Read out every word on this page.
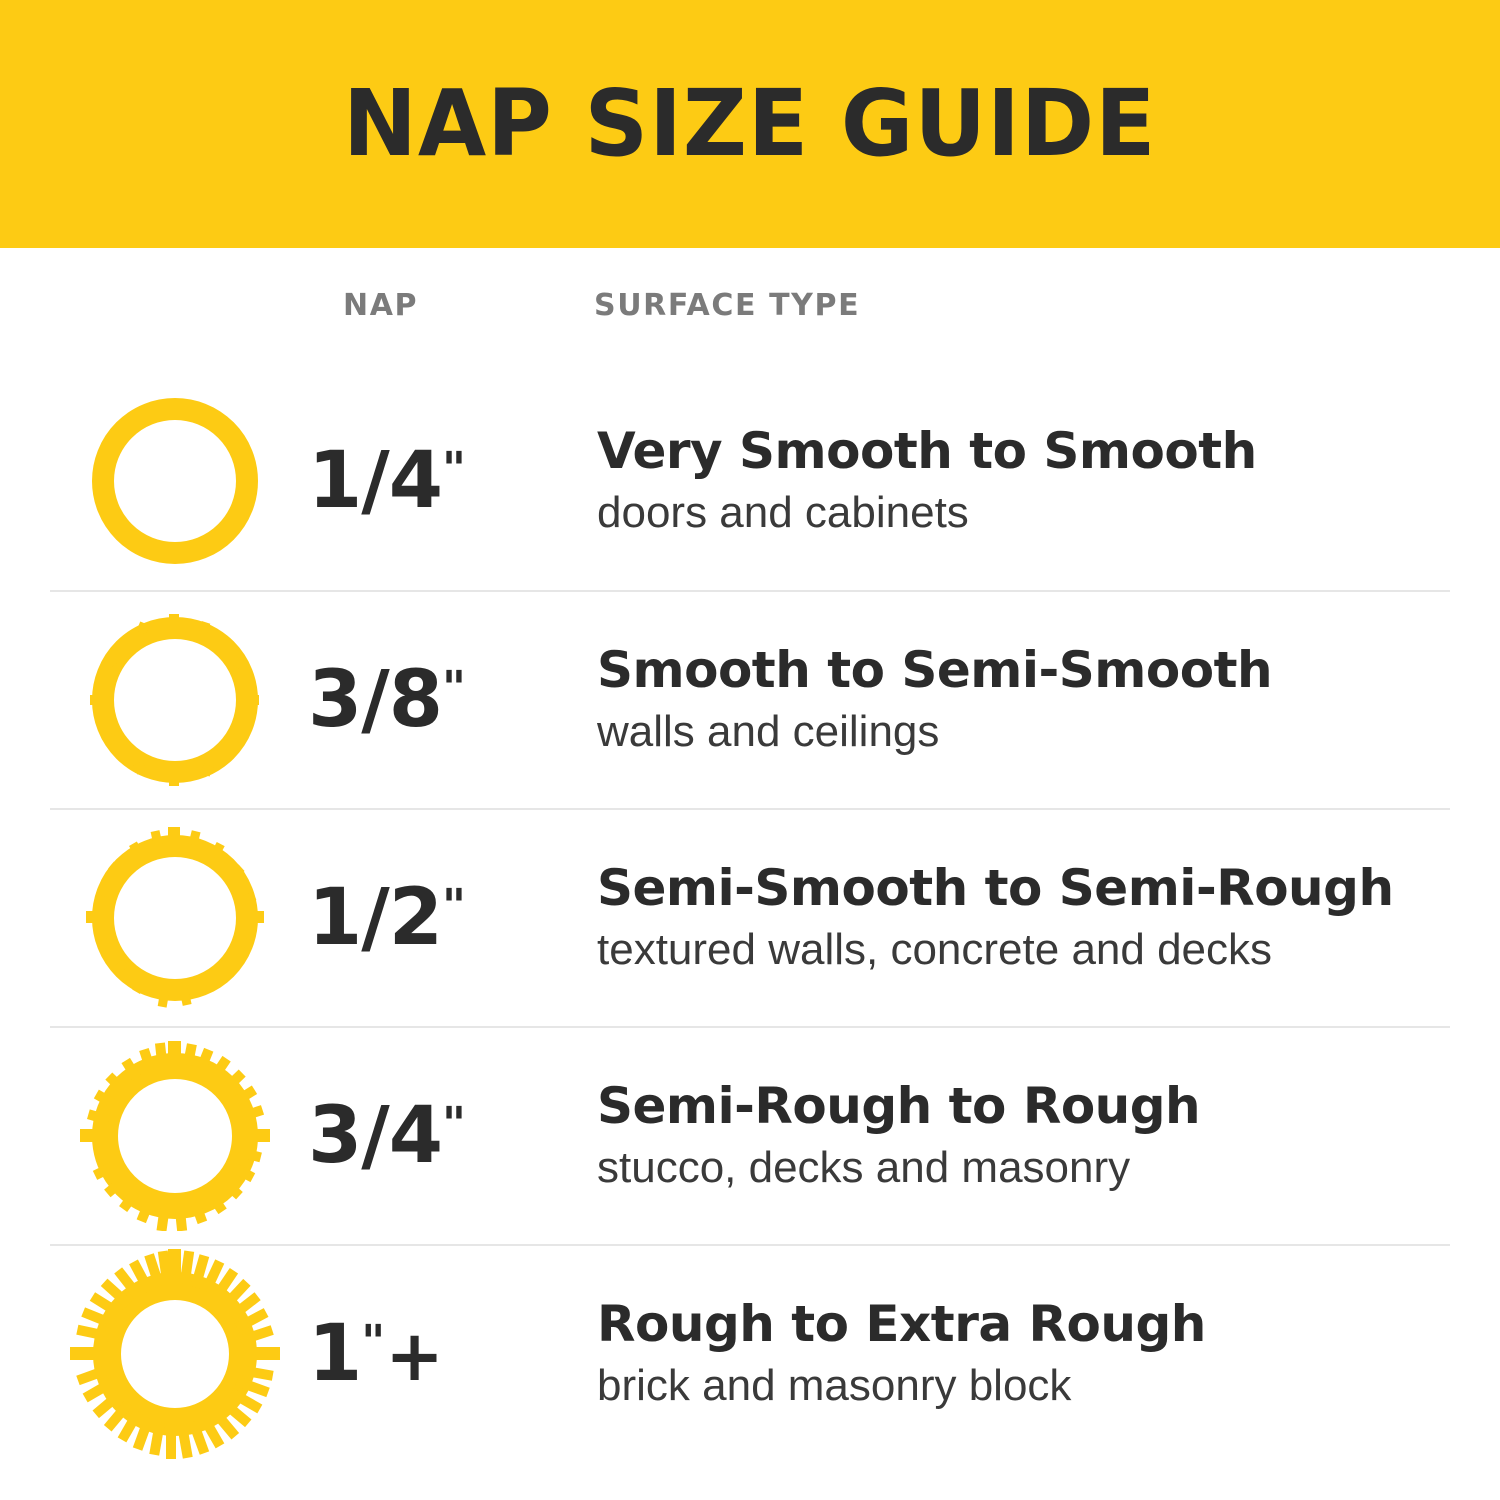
NAP SIZE GUIDE
NAP	SURFACE TYPE
1/4"	Very Smooth to Smooth
doors and cabinets
3/8"	Smooth to Semi-Smooth
walls and ceilings
1/2"	Semi-Smooth to Semi-Rough
textured walls, concrete and decks
3/4"	Semi-Rough to Rough
stucco, decks and masonry
1"+	Rough to Extra Rough
brick and masonry block
